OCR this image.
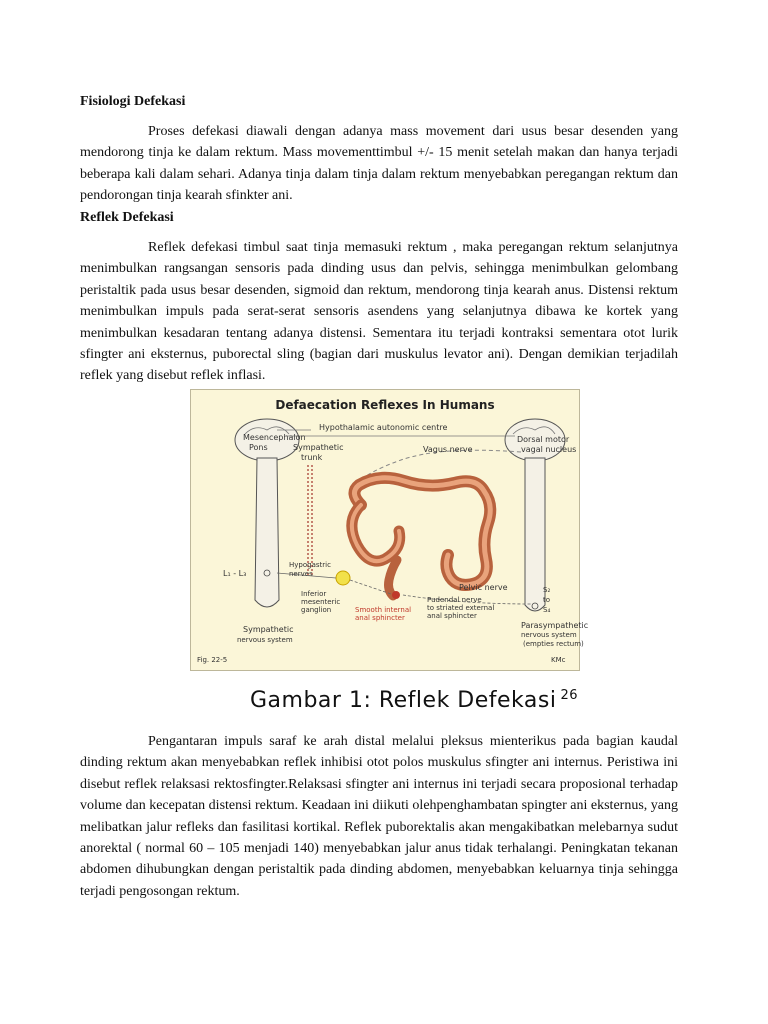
Fisiologi Defekasi

Proses defekasi diawali dengan adanya mass movement dari usus besar desenden yang mendorong tinja ke dalam rektum. Mass movementtimbul +/- 15 menit setelah makan dan hanya terjadi beberapa kali dalam sehari. Adanya tinja dalam tinja dalam rektum menyebabkan peregangan rektum dan pendorongan tinja kearah sfinkter ani.

Reflek Defekasi

Reflek defekasi timbul saat tinja memasuki rektum , maka peregangan rektum selanjutnya menimbulkan rangsangan sensoris pada dinding usus dan pelvis, sehingga menimbulkan gelombang peristaltik pada usus besar desenden, sigmoid dan rektum, mendorong tinja kearah anus. Distensi rektum menimbulkan impuls pada serat-serat sensoris asendens yang selanjutnya dibawa ke kortek yang menimbulkan kesadaran tentang adanya distensi. Sementara itu terjadi kontraksi sementara otot lurik sfingter ani eksternus, puborectal sling (bagian dari muskulus levator ani). Dengan demikian terjadilah reflek yang disebut reflek inflasi.

Defaecation Reflexes In Humans
Mesencephalon
Pons	Sympathetic
trunk
Hypothalamic autonomic centre
Vagus nerve
Dorsal motor
vagal nucleus
L₁ - L₃
Hypogastric
nerves
Pelvic nerve	S₂
to
S₄
Inferior
mesenteric
ganglion	Smooth internal
anal sphincter
Pudendal nerve
to striated external
anal sphincter
Sympathetic
nervous system
Parasympathetic
nervous system
(empties rectum)
Fig. 22-5	KMc
Gambar 1: Reflek Defekasi $^{26}$

Pengantaran impuls saraf ke arah distal melalui pleksus mienterikus pada bagian kaudal dinding rektum akan menyebabkan reflek inhibisi otot polos muskulus sfingter ani internus. Peristiwa ini disebut reflek relaksasi rektosfingter.Relaksasi sfingter ani internus ini terjadi secara proposional terhadap volume dan kecepatan distensi rektum. Keadaan ini diikuti olehpenghambatan spingter ani eksternus, yang melibatkan jalur refleks dan fasilitasi kortikal. Reflek puborektalis akan mengakibatkan melebarnya sudut anorektal ( normal 60 – 105 menjadi 140) menyebabkan jalur anus tidak terhalangi. Peningkatan tekanan abdomen dihubungkan dengan peristaltik pada dinding abdomen, menyebabkan keluarnya tinja sehingga terjadi pengosongan rektum.
